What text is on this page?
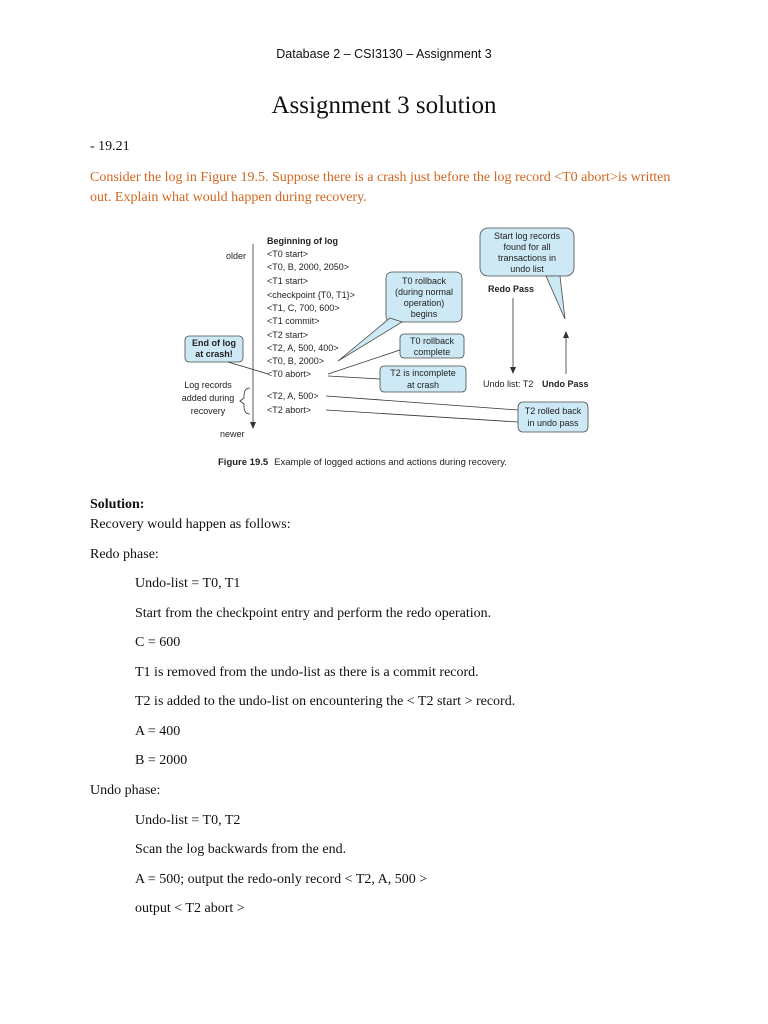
Database 2 – CSI3130 – Assignment 3
Assignment 3 solution
- 19.21
Consider the log in Figure 19.5. Suppose there is a crash just before the log record <T0 abort>is written out. Explain what would happen during recovery.
older
newer
Beginning of log
<T0 start>
<T0, B, 2000, 2050>
<T1 start>
<checkpoint {T0, T1}>
<T1, C, 700, 600>
<T1 commit>
<T2 start>
<T2, A, 500, 400>
<T0, B, 2000>
<T0 abort>
<T2, A, 500>
<T2 abort>
End of log
at crash!
Log records
added during
recovery
T0 rollback
(during normal
operation)
begins
T0 rollback
complete
T2 is incomplete
at crash
Start log records
found for all
transactions in
undo list
Redo Pass
Undo Pass
Undo list: T2
T2 rolled back
in undo pass
Figure 19.5 Example of logged actions and actions during recovery.
Solution:
Recovery would happen as follows:
Redo phase:
Undo-list = T0, T1
Start from the checkpoint entry and perform the redo operation.
C = 600
T1 is removed from the undo-list as there is a commit record.
T2 is added to the undo-list on encountering the < T2 start > record.
A = 400
B = 2000
Undo phase:
Undo-list = T0, T2
Scan the log backwards from the end.
A = 500; output the redo-only record < T2, A, 500 >
output < T2 abort >
